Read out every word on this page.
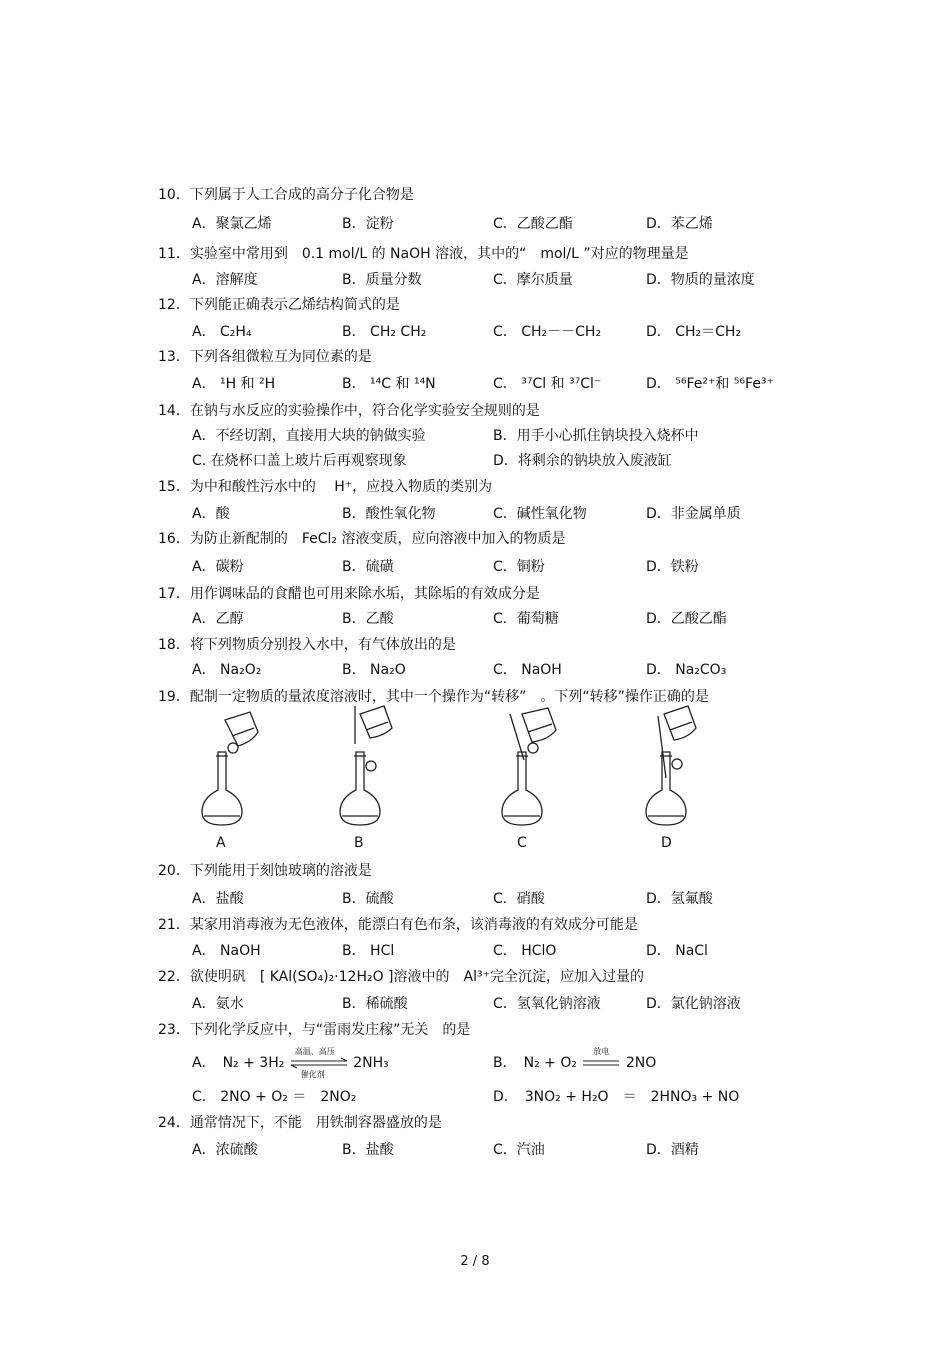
10．下列属于人工合成的高分子化合物是
A．聚氯乙烯	B．淀粉	C．乙酸乙酯	D．苯乙烯
11．实验室中常用到　0.1 mol/L 的 NaOH 溶液，其中的“　mol/L ”对应的物理量是
A．溶解度	B．质量分数	C．摩尔质量	D．物质的量浓度
12．下列能正确表示乙烯结构简式的是
A． C₂H₄	B． CH₂ CH₂	C． CH₂－－CH₂	D． CH₂＝CH₂
13．下列各组微粒互为同位素的是
A． ¹H 和 ²H	B． ¹⁴C 和 ¹⁴N	C． ³⁷Cl 和 ³⁷Cl⁻	D． ⁵⁶Fe²⁺和 ⁵⁶Fe³⁺
14．在钠与水反应的实验操作中，符合化学实验安全规则的是
A．不经切割，直接用大块的钠做实验	B．用手小心抓住钠块投入烧杯中
C. 在烧杯口盖上玻片后再观察现象	D．将剩余的钠块放入废液缸
15．为中和酸性污水中的　 H⁺，应投入物质的类别为
A．酸	B．酸性氧化物	C．碱性氧化物	D．非金属单质
16．为防止新配制的　FeCl₂ 溶液变质，应向溶液中加入的物质是
A．碳粉	B．硫磺	C．铜粉	D．铁粉
17．用作调味品的食醋也可用来除水垢，其除垢的有效成分是
A．乙醇	B．乙酸	C．葡萄糖	D．乙酸乙酯
18．将下列物质分别投入水中，有气体放出的是
A． Na₂O₂	B． Na₂O	C． NaOH	D． Na₂CO₃
19．配制一定物质的量浓度溶液时，其中一个操作为“转移”　。下列“转移”操作正确的是
A	B	C	D
20．下列能用于刻蚀玻璃的溶液是
A．盐酸	B．硫酸	C．硝酸	D．氢氟酸
21．某家用消毒液为无色液体，能漂白有色布条，该消毒液的有效成分可能是
A． NaOH	B． HCl	C． HClO	D． NaCl
22．欲使明矾　[ KAl(SO₄)₂·12H₂O ]溶液中的　Al³⁺完全沉淀，应加入过量的
A．氨水	B．稀硫酸	C．氢氧化钠溶液	D．氯化钠溶液
23．下列化学反应中，与“雷雨发庄稼”无关　的是
A．　N₂ + 3H₂
高温、高压
催化剂
2NH₃	B．　N₂ + O₂
放电
2NO
C.　2NO + O₂ ＝　2NO₂	D．　3NO₂ + H₂O　＝　2HNO₃ + NO
24．通常情况下，不能　用铁制容器盛放的是
A．浓硫酸	B．盐酸	C．汽油	D．酒精
2 / 8
